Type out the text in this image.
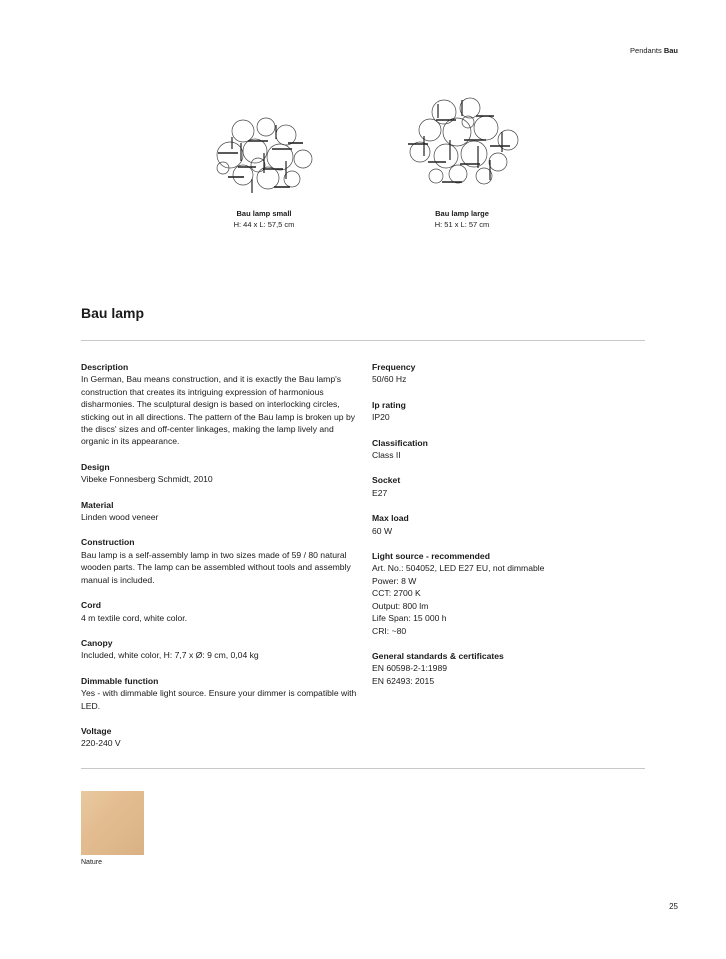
Pendants Bau
Bau lamp small
H: 44 x L: 57,5 cm
Bau lamp large
H: 51 x L: 57 cm
Bau lamp
Description

In German, Bau means construction, and it is exactly the Bau lamp's construction that creates its intriguing expression of harmonious disharmonies. The sculptural design is based on interlocking circles, sticking out in all directions. The pattern of the Bau lamp is broken up by the discs' sizes and off-center linkages, making the lamp lively and organic in its appearance.

Design

Vibeke Fonnesberg Schmidt, 2010

Material

Linden wood veneer

Construction

Bau lamp is a self-assembly lamp in two sizes made of 59 / 80 natural wooden parts. The lamp can be assembled without tools and assembly manual is included.

Cord

4 m textile cord, white color.

Canopy

Included, white color, H: 7,7 x Ø: 9 cm, 0,04 kg

Dimmable function

Yes - with dimmable light source. Ensure your dimmer is compatible with LED.

Voltage

220-240 V

Frequency

50/60 Hz

Ip rating

IP20

Classification

Class II

Socket

E27

Max load

60 W

Light source - recommended

Art. No.: 504052, LED E27 EU, not dimmable

Power: 8 W

CCT: 2700 K

Output: 800 lm

Life Span: 15 000 h

CRI: ~80

General standards & certificates

EN 60598-2-1:1989

EN 62493: 2015

Nature
25
